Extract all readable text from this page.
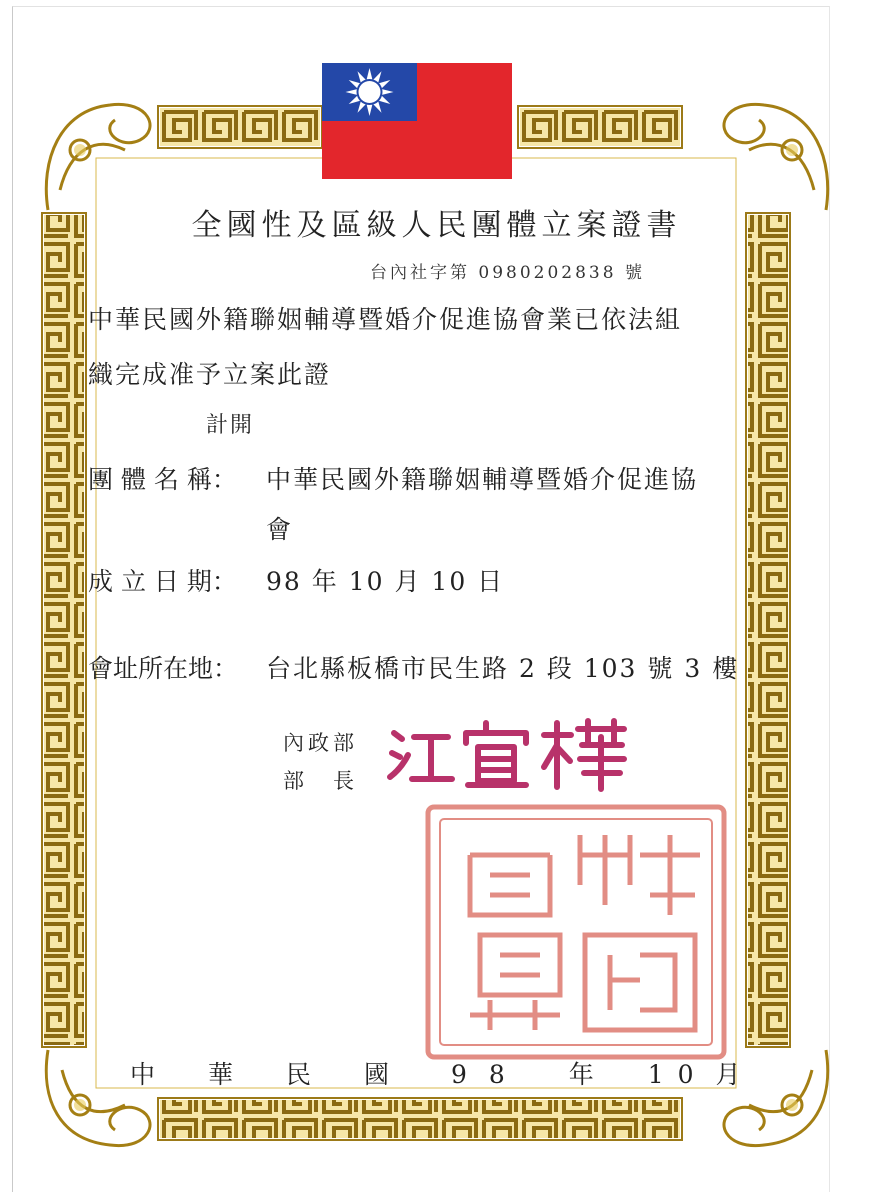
全國性及區級人民團體立案證書
台內社字第 0980202838 號
中華民國外籍聯姻輔導暨婚介促進協會業已依法組
織完成准予立案此證
計開
團 體 名 稱： 中華民國外籍聯姻輔導暨婚介促進協
會
成 立 日 期： 98 年 10 月 10 日
會址所在地： 台北縣板橋市民生路 2 段 103 號 3 樓
內政部
部　長
內政部印
中　華　民　國 98 年 10 月
